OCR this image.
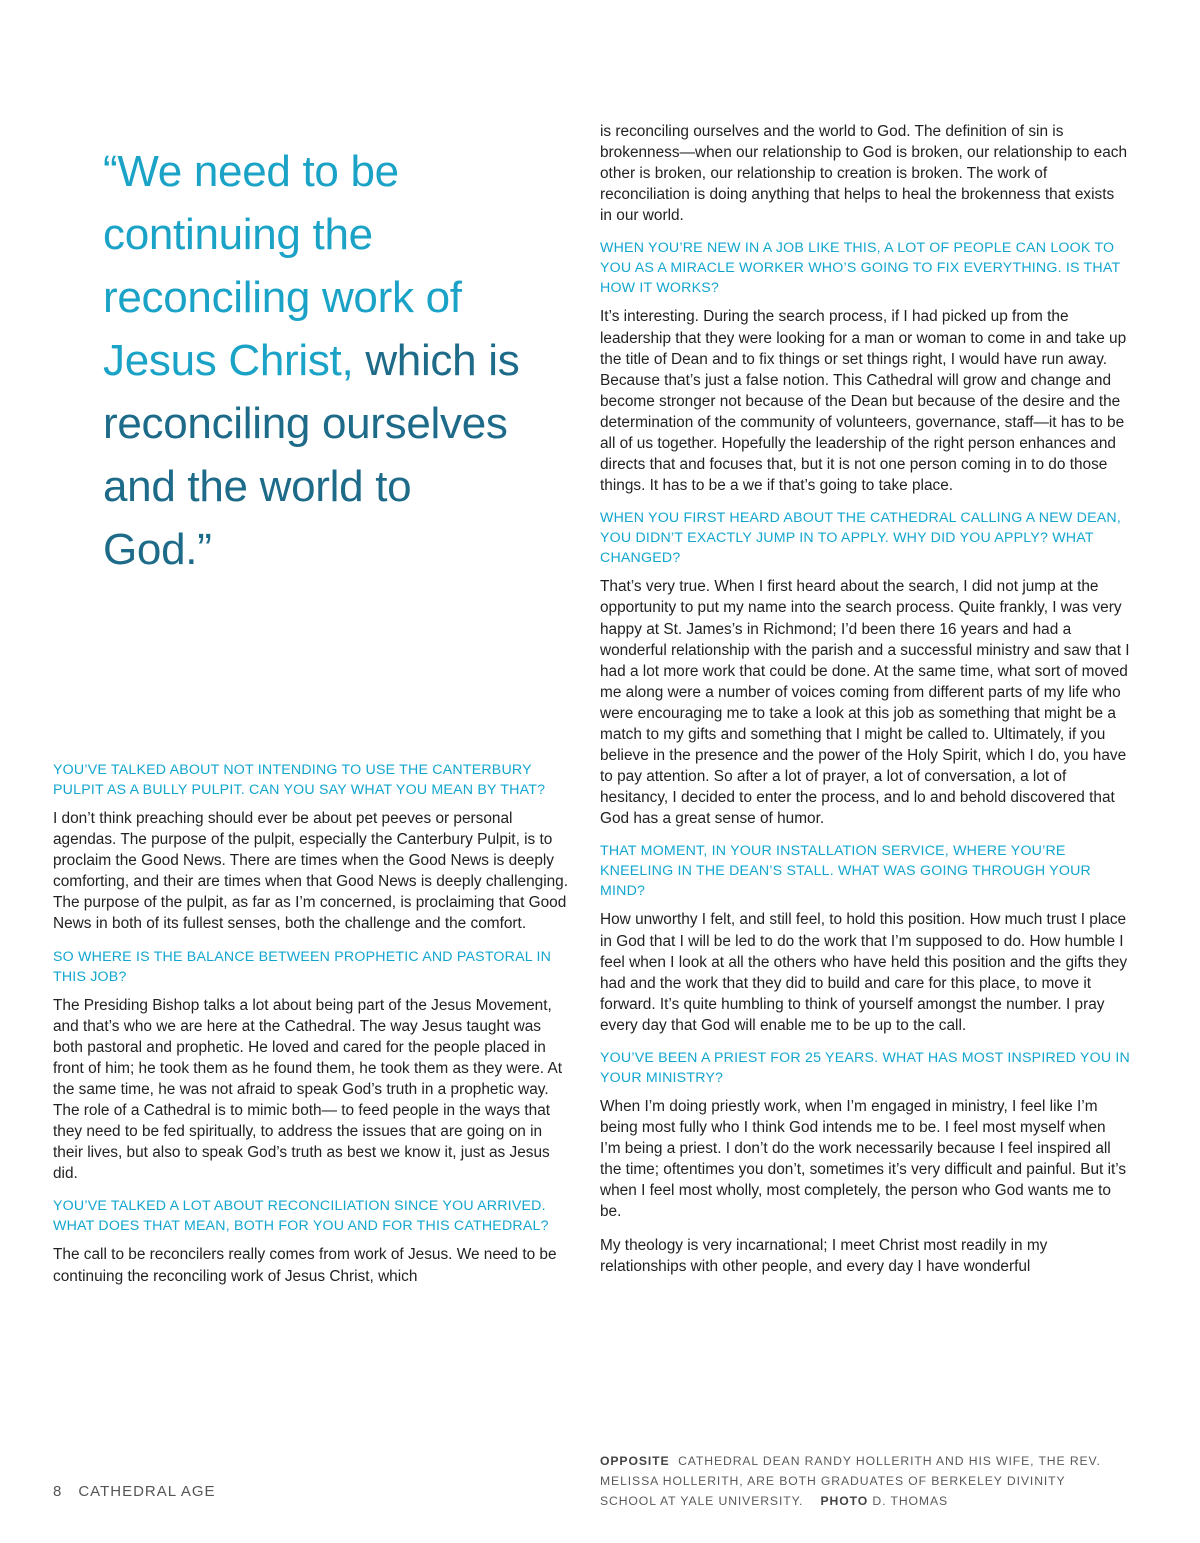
“We need to be continuing the reconciling work of Jesus Christ, which is reconciling ourselves and the world to God.”
YOU’VE TALKED ABOUT NOT INTENDING TO USE THE CANTERBURY PULPIT AS A BULLY PULPIT. CAN YOU SAY WHAT YOU MEAN BY THAT?

I don’t think preaching should ever be about pet peeves or personal agendas. The purpose of the pulpit, especially the Canterbury Pulpit, is to proclaim the Good News. There are times when the Good News is deeply comforting, and their are times when that Good News is deeply challenging. The purpose of the pulpit, as far as I’m concerned, is proclaiming that Good News in both of its fullest senses, both the challenge and the comfort.

SO WHERE IS THE BALANCE BETWEEN PROPHETIC AND PASTORAL IN THIS JOB?

The Presiding Bishop talks a lot about being part of the Jesus Movement, and that’s who we are here at the Cathedral. The way Jesus taught was both pastoral and prophetic. He loved and cared for the people placed in front of him; he took them as he found them, he took them as they were. At the same time, he was not afraid to speak God’s truth in a prophetic way. The role of a Cathedral is to mimic both— to feed people in the ways that they need to be fed spiritually, to address the issues that are going on in their lives, but also to speak God’s truth as best we know it, just as Jesus did.

YOU’VE TALKED A LOT ABOUT RECONCILIATION SINCE YOU ARRIVED. WHAT DOES THAT MEAN, BOTH FOR YOU AND FOR THIS CATHEDRAL?

The call to be reconcilers really comes from work of Jesus. We need to be continuing the reconciling work of Jesus Christ, which

is reconciling ourselves and the world to God. The definition of sin is brokenness—when our relationship to God is broken, our relationship to each other is broken, our relationship to creation is broken. The work of reconciliation is doing anything that helps to heal the brokenness that exists in our world.

WHEN YOU’RE NEW IN A JOB LIKE THIS, A LOT OF PEOPLE CAN LOOK TO YOU AS A MIRACLE WORKER WHO’S GOING TO FIX EVERYTHING. IS THAT HOW IT WORKS?

It’s interesting. During the search process, if I had picked up from the leadership that they were looking for a man or woman to come in and take up the title of Dean and to fix things or set things right, I would have run away. Because that’s just a false notion. This Cathedral will grow and change and become stronger not because of the Dean but because of the desire and the determination of the community of volunteers, governance, staff—it has to be all of us together. Hopefully the leadership of the right person enhances and directs that and focuses that, but it is not one person coming in to do those things. It has to be a we if that’s going to take place.

WHEN YOU FIRST HEARD ABOUT THE CATHEDRAL CALLING A NEW DEAN, YOU DIDN’T EXACTLY JUMP IN TO APPLY. WHY DID YOU APPLY? WHAT CHANGED?

That’s very true. When I first heard about the search, I did not jump at the opportunity to put my name into the search process. Quite frankly, I was very happy at St. James’s in Richmond; I’d been there 16 years and had a wonderful relationship with the parish and a successful ministry and saw that I had a lot more work that could be done. At the same time, what sort of moved me along were a number of voices coming from different parts of my life who were encouraging me to take a look at this job as something that might be a match to my gifts and something that I might be called to. Ultimately, if you believe in the presence and the power of the Holy Spirit, which I do, you have to pay attention. So after a lot of prayer, a lot of conversation, a lot of hesitancy, I decided to enter the process, and lo and behold discovered that God has a great sense of humor.

THAT MOMENT, IN YOUR INSTALLATION SERVICE, WHERE YOU’RE KNEELING IN THE DEAN’S STALL. WHAT WAS GOING THROUGH YOUR MIND?

How unworthy I felt, and still feel, to hold this position. How much trust I place in God that I will be led to do the work that I’m supposed to do. How humble I feel when I look at all the others who have held this position and the gifts they had and the work that they did to build and care for this place, to move it forward. It’s quite humbling to think of yourself amongst the number. I pray every day that God will enable me to be up to the call.

YOU’VE BEEN A PRIEST FOR 25 YEARS. WHAT HAS MOST INSPIRED YOU IN YOUR MINISTRY?

When I’m doing priestly work, when I’m engaged in ministry, I feel like I’m being most fully who I think God intends me to be. I feel most myself when I’m being a priest. I don’t do the work necessarily because I feel inspired all the time; oftentimes you don’t, sometimes it’s very difficult and painful. But it’s when I feel most wholly, most completely, the person who God wants me to be.

My theology is very incarnational; I meet Christ most readily in my relationships with other people, and every day I have wonderful

OPPOSITE CATHEDRAL DEAN RANDY HOLLERITH AND HIS WIFE, THE REV. MELISSA HOLLERITH, ARE BOTH GRADUATES OF BERKELEY DIVINITY SCHOOL AT YALE UNIVERSITY. PHOTO D. THOMAS

8 CATHEDRAL AGE
